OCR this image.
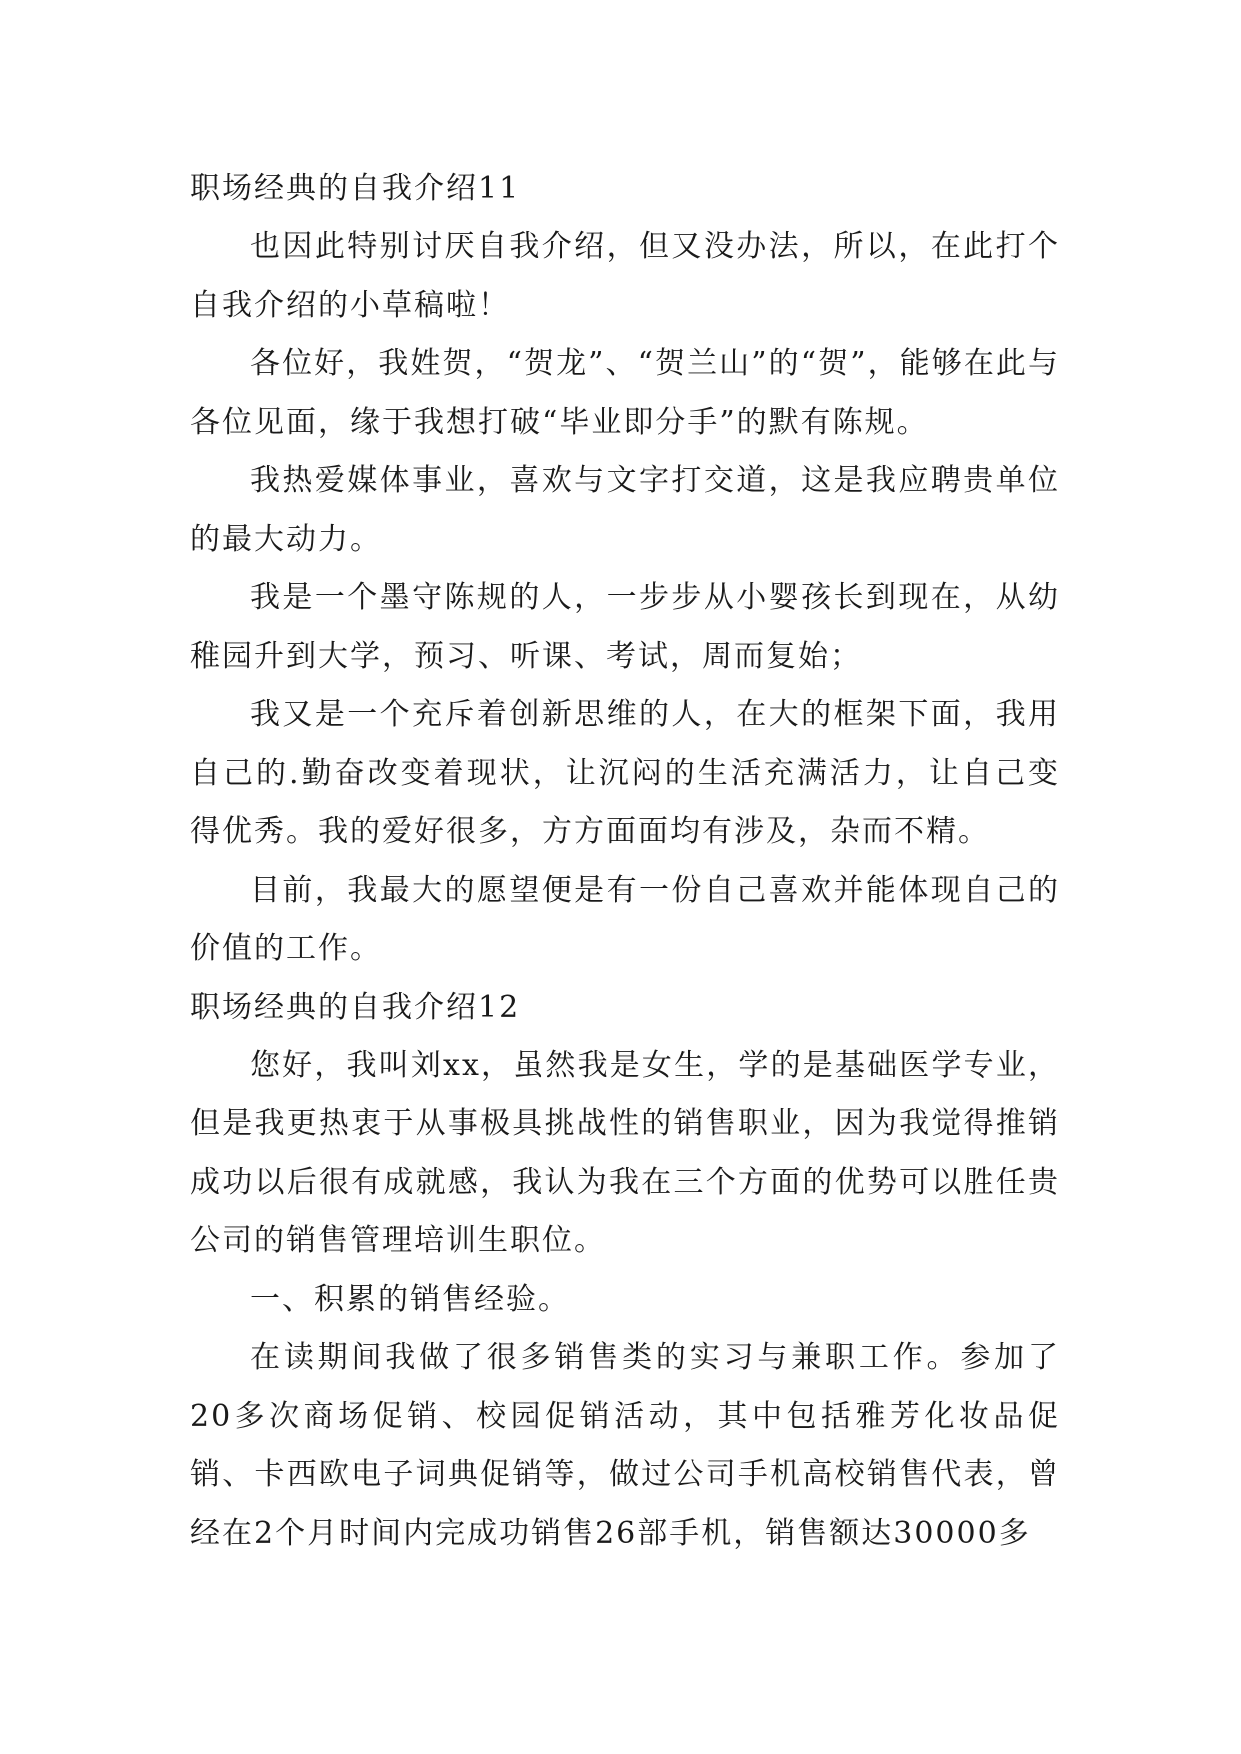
职场经典的自我介绍11

也因此特别讨厌自我介绍，但又没办法，所以，在此打个自我介绍的小草稿啦！

各位好，我姓贺，“贺龙”、“贺兰山”的“贺”，能够在此与各位见面，缘于我想打破“毕业即分手”的默有陈规。

我热爱媒体事业，喜欢与文字打交道，这是我应聘贵单位的最大动力。

我是一个墨守陈规的人，一步步从小婴孩长到现在，从幼稚园升到大学，预习、听课、考试，周而复始；

我又是一个充斥着创新思维的人，在大的框架下面，我用自己的.勤奋改变着现状，让沉闷的生活充满活力，让自己变得优秀。我的爱好很多，方方面面均有涉及，杂而不精。

目前，我最大的愿望便是有一份自己喜欢并能体现自己的价值的工作。

职场经典的自我介绍12

您好，我叫刘xx，虽然我是女生，学的是基础医学专业，但是我更热衷于从事极具挑战性的销售职业，因为我觉得推销成功以后很有成就感，我认为我在三个方面的优势可以胜任贵公司的销售管理培训生职位。

一、积累的销售经验。

在读期间我做了很多销售类的实习与兼职工作。参加了20多次商场促销、校园促销活动，其中包括雅芳化妆品促销、卡西欧电子词典促销等，做过公司手机高校销售代表，曾经在2个月时间内完成功销售26部手机，销售额达30000多
